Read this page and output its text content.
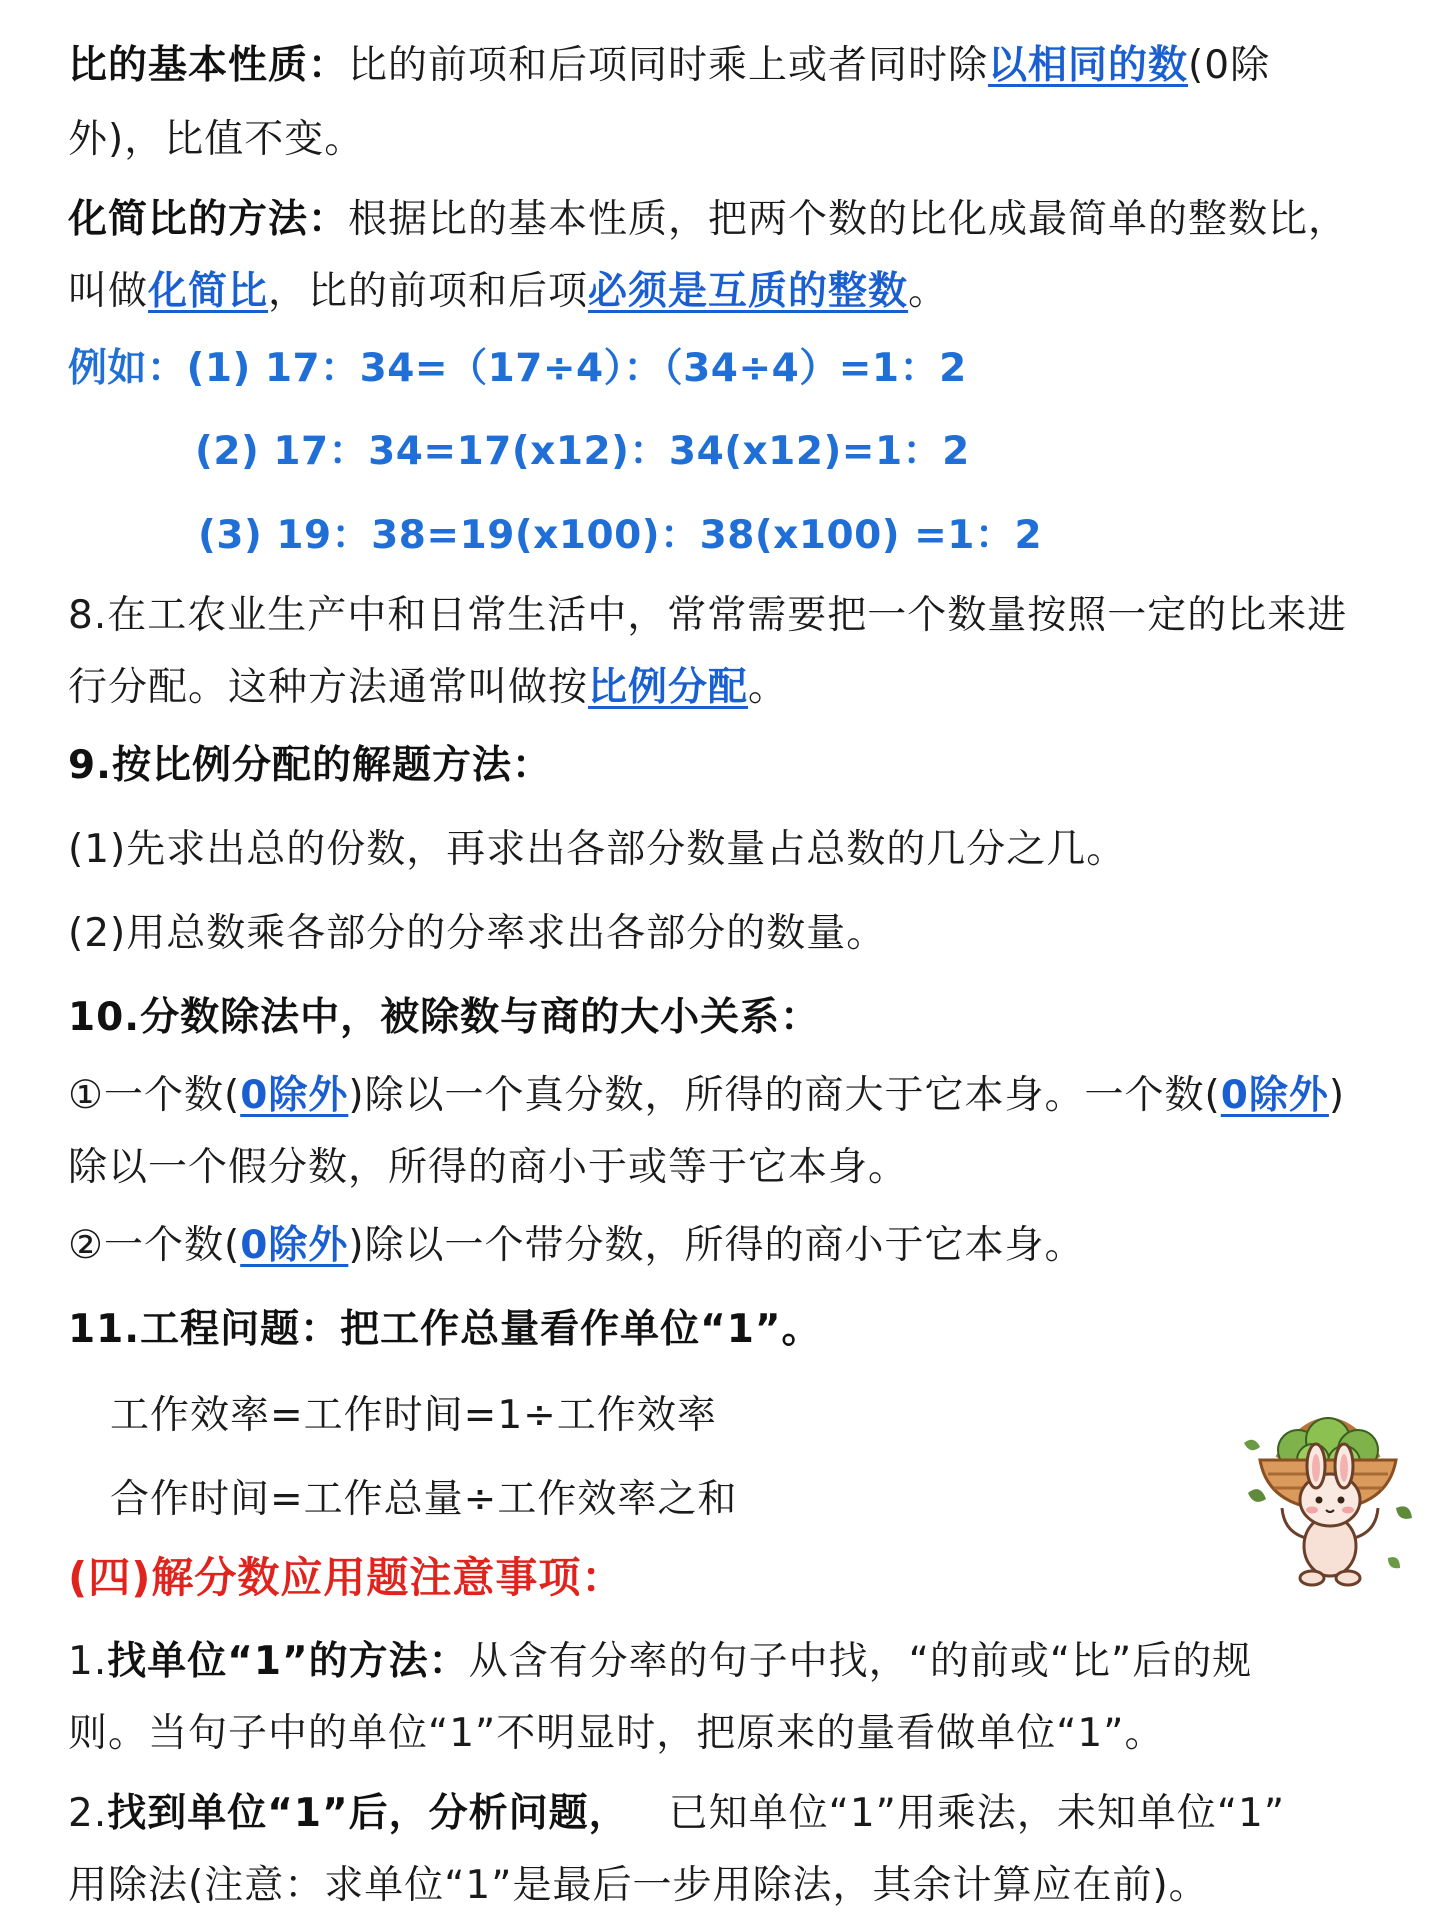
比的基本性质：比的前项和后项同时乘上或者同时除以相同的数(0除
外)，比值不变。
化简比的方法：根据比的基本性质，把两个数的比化成最简单的整数比，
叫做化简比，比的前项和后项必须是互质的整数。
例如：(1) 17：34=（17÷4）：（34÷4）=1：2
(2) 17：34=17(x12)：34(x12)=1：2
(3) 19：38=19(x100)：38(x100) =1：2
8.在工农业生产中和日常生活中，常常需要把一个数量按照一定的比来进
行分配。这种方法通常叫做按比例分配。
9.按比例分配的解题方法：
(1)先求出总的份数，再求出各部分数量占总数的几分之几。
(2)用总数乘各部分的分率求出各部分的数量。
10.分数除法中，被除数与商的大小关系：
①一个数(0除外)除以一个真分数，所得的商大于它本身。一个数(0除外)
除以一个假分数，所得的商小于或等于它本身。
②一个数(0除外)除以一个带分数，所得的商小于它本身。
11.工程问题：把工作总量看作单位“1”。
工作效率=工作时间=1÷工作效率
合作时间=工作总量÷工作效率之和
(四)解分数应用题注意事项：
1.找单位“1”的方法：从含有分率的句子中找，“的前或“比”后的规
则。当句子中的单位“1”不明显时，把原来的量看做单位“1”。
2.找到单位“1”后，分析问题， 已知单位“1”用乘法，未知单位“1”
用除法(注意：求单位“1”是最后一步用除法，其余计算应在前)。
